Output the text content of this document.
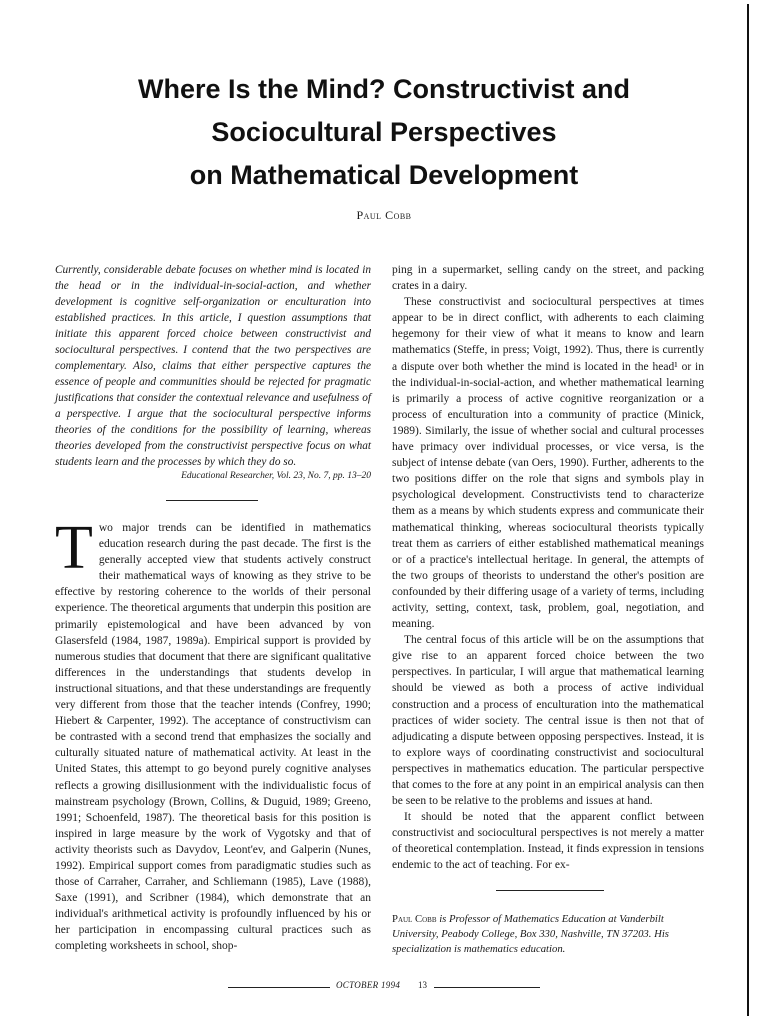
Where Is the Mind? Constructivist and
Sociocultural Perspectives
on Mathematical Development
Paul Cobb

Currently, considerable debate focuses on whether mind is located in the head or in the individual-in-social-action, and whether development is cognitive self-organization or enculturation into established practices. In this article, I question assumptions that initiate this apparent forced choice between constructivist and sociocultural perspectives. I contend that the two perspectives are complementary. Also, claims that either perspective captures the essence of people and communities should be rejected for pragmatic justifications that consider the contextual relevance and usefulness of a perspective. I argue that the sociocultural perspective informs theories of the conditions for the possibility of learning, whereas theories developed from the constructivist perspective focus on what students learn and the processes by which they do so.

Educational Researcher, Vol. 23, No. 7, pp. 13–20

T wo major trends can be identified in mathematics education research during the past decade. The first is the generally accepted view that students actively construct their mathematical ways of knowing as they strive to be effective by restoring coherence to the worlds of their personal experience. The theoretical arguments that underpin this position are primarily epistemological and have been advanced by von Glasersfeld (1984, 1987, 1989a). Empirical support is provided by numerous studies that document that there are significant qualitative differences in the understandings that students develop in instructional situations, and that these understandings are frequently very different from those that the teacher intends (Confrey, 1990; Hiebert & Carpenter, 1992). The acceptance of constructivism can be contrasted with a second trend that emphasizes the socially and culturally situated nature of mathematical activity. At least in the United States, this attempt to go beyond purely cognitive analyses reflects a growing disillusionment with the individualistic focus of mainstream psychology (Brown, Collins, & Duguid, 1989; Greeno, 1991; Schoenfeld, 1987). The theoretical basis for this position is inspired in large measure by the work of Vygotsky and that of activity theorists such as Davydov, Leont'ev, and Galperin (Nunes, 1992). Empirical support comes from paradigmatic studies such as those of Carraher, Carraher, and Schliemann (1985), Lave (1988), Saxe (1991), and Scribner (1984), which demonstrate that an individual's arithmetical activity is profoundly influenced by his or her participation in encompassing cultural practices such as completing worksheets in school, shop-

ping in a supermarket, selling candy on the street, and packing crates in a dairy.

These constructivist and sociocultural perspectives at times appear to be in direct conflict, with adherents to each claiming hegemony for their view of what it means to know and learn mathematics (Steffe, in press; Voigt, 1992). Thus, there is currently a dispute over both whether the mind is located in the head¹ or in the individual-in-social-action, and whether mathematical learning is primarily a process of active cognitive reorganization or a process of enculturation into a community of practice (Minick, 1989). Similarly, the issue of whether social and cultural processes have primacy over individual processes, or vice versa, is the subject of intense debate (van Oers, 1990). Further, adherents to the two positions differ on the role that signs and symbols play in psychological development. Constructivists tend to characterize them as a means by which students express and communicate their mathematical thinking, whereas sociocultural theorists typically treat them as carriers of either established mathematical meanings or of a practice's intellectual heritage. In general, the attempts of the two groups of theorists to understand the other's position are confounded by their differing usage of a variety of terms, including activity, setting, context, task, problem, goal, negotiation, and meaning.

The central focus of this article will be on the assumptions that give rise to an apparent forced choice between the two perspectives. In particular, I will argue that mathematical learning should be viewed as both a process of active individual construction and a process of enculturation into the mathematical practices of wider society. The central issue is then not that of adjudicating a dispute between opposing perspectives. Instead, it is to explore ways of coordinating constructivist and sociocultural perspectives in mathematics education. The particular perspective that comes to the fore at any point in an empirical analysis can then be seen to be relative to the problems and issues at hand.

It should be noted that the apparent conflict between constructivist and sociocultural perspectives is not merely a matter of theoretical contemplation. Instead, it finds expression in tensions endemic to the act of teaching. For ex-

Paul Cobb is Professor of Mathematics Education at Vanderbilt University, Peabody College, Box 330, Nashville, TN 37203. His specialization is mathematics education.

OCTOBER 1994 13
